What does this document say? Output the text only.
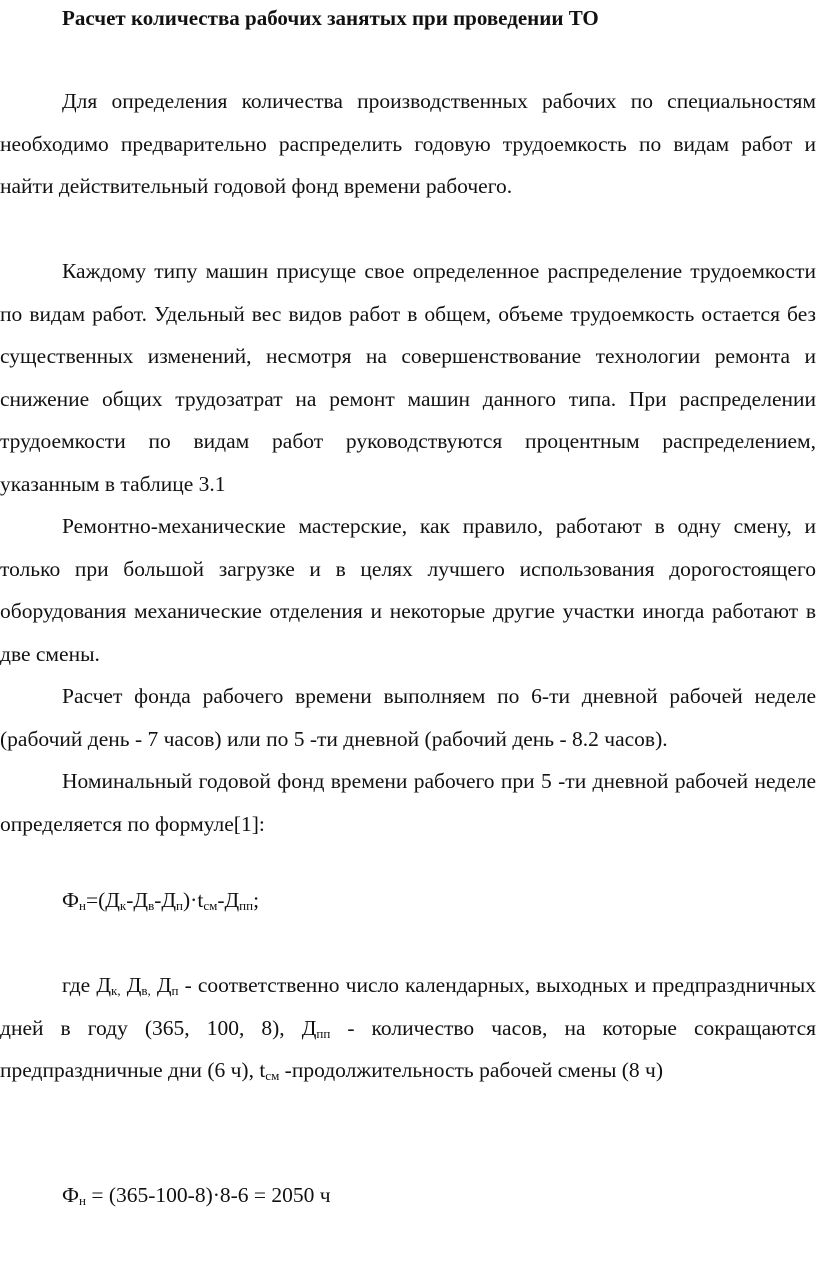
Расчет количества рабочих занятых при проведении ТО

Для определения количества производственных рабочих по специальностям необходимо предварительно распределить годовую трудоемкость по видам работ и найти действительный годовой фонд времени рабочего.

Каждому типу машин присуще свое определенное распределение трудоемкости по видам работ. Удельный вес видов работ в общем, объеме трудоемкость остается без существенных изменений, несмотря на совершенствование технологии ремонта и снижение общих трудозатрат на ремонт машин данного типа. При распределении трудоемкости по видам работ руководствуются процентным распределением, указанным в таблице 3.1

Ремонтно-механические мастерские, как правило, работают в одну смену, и только при большой загрузке и в целях лучшего использования дорогостоящего оборудования механические отделения и некоторые другие участки иногда работают в две смены.

Расчет фонда рабочего времени выполняем по 6-ти дневной рабочей неделе (рабочий день - 7 часов) или по 5 -ти дневной (рабочий день - 8.2 часов).

Номинальный годовой фонд времени рабочего при 5 -ти дневной рабочей неделе определяется по формуле[1]:

$Ф_н=(Д_к-Д_в-Д_п)\cdot t_{см}-Д_{пп}$;

где $Д_{к,}$ $Д_{в,}$ $Д_п$ - соответственно число календарных, выходных и предпраздничных дней в году (365, 100, 8), $Д_{пп}$ - количество часов, на которые сокращаются предпраздничные дни (6 ч), $t_{см}$ -продолжительность рабочей смены (8 ч)

$Ф_н = (365-100-8)\cdot 8-6 = 2050$ ч
